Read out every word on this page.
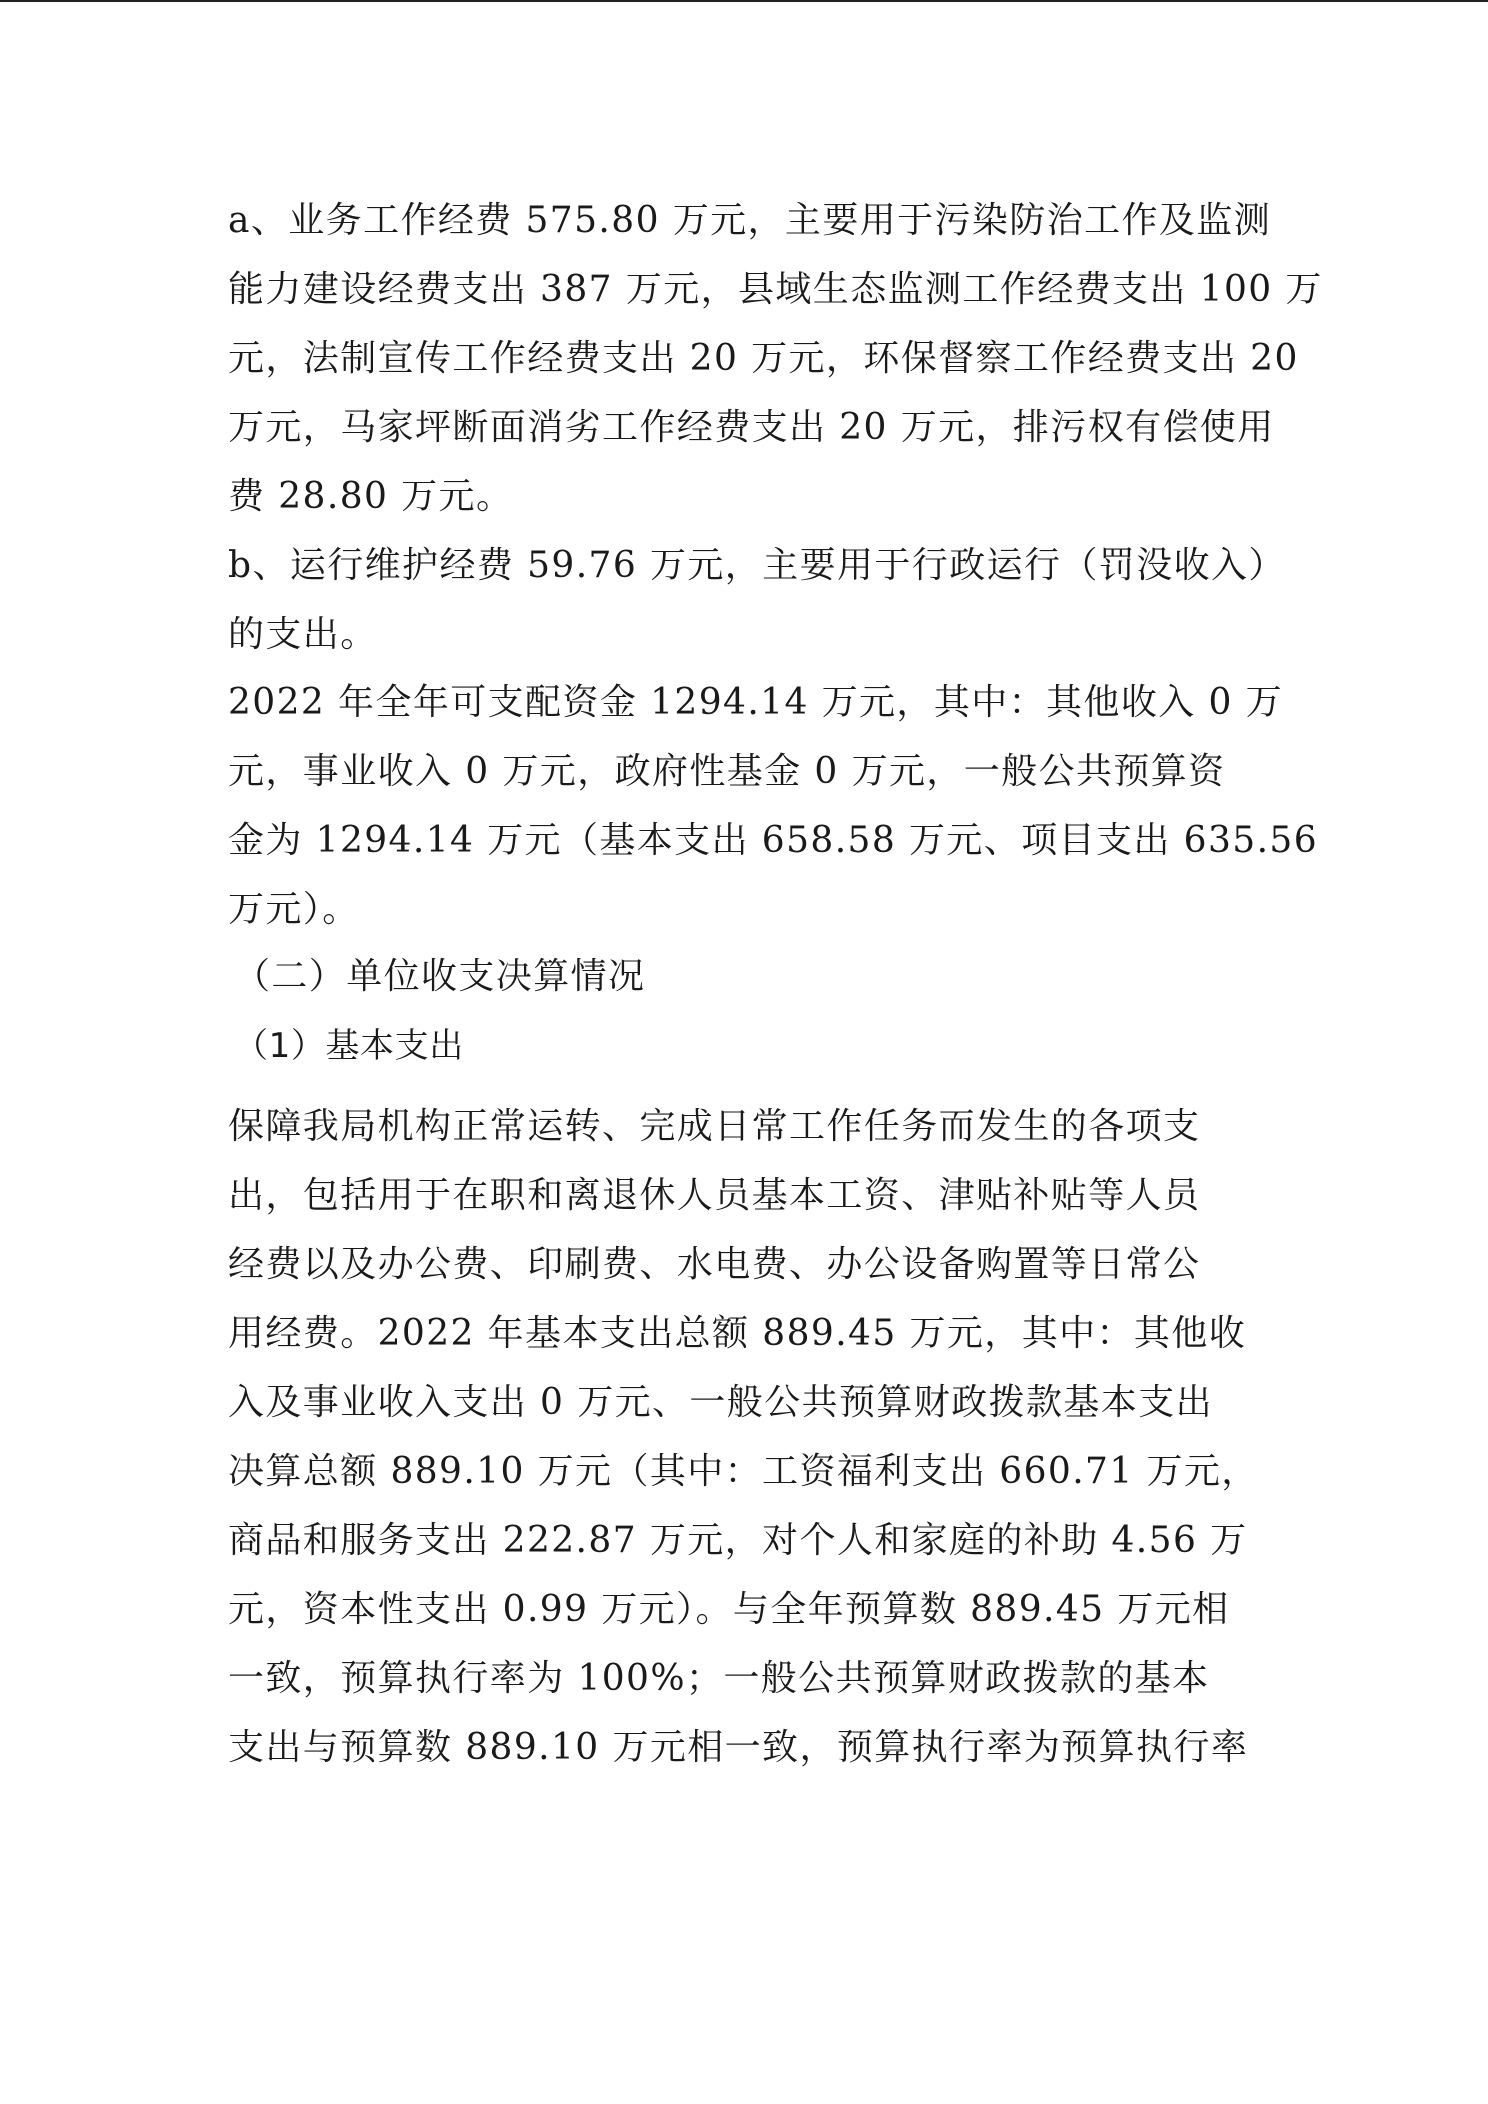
a、业务工作经费 575.80 万元，主要用于污染防治工作及监测
能力建设经费支出 387 万元，县域生态监测工作经费支出 100 万
元，法制宣传工作经费支出 20 万元，环保督察工作经费支出 20
万元，马家坪断面消劣工作经费支出 20 万元，排污权有偿使用
费 28.80 万元。
b、运行维护经费 59.76 万元，主要用于行政运行（罚没收入）
的支出。
2022 年全年可支配资金 1294.14 万元，其中：其他收入 0 万
元，事业收入 0 万元，政府性基金 0 万元，一般公共预算资
金为 1294.14 万元（基本支出 658.58 万元、项目支出 635.56
万元）。
（二）单位收支决算情况
（1）基本支出
保障我局机构正常运转、完成日常工作任务而发生的各项支
出，包括用于在职和离退休人员基本工资、津贴补贴等人员
经费以及办公费、印刷费、水电费、办公设备购置等日常公
用经费。2022 年基本支出总额 889.45 万元，其中：其他收
入及事业收入支出 0 万元、一般公共预算财政拨款基本支出
决算总额 889.10 万元（其中：工资福利支出 660.71 万元，
商品和服务支出 222.87 万元，对个人和家庭的补助 4.56 万
元，资本性支出 0.99 万元）。与全年预算数 889.45 万元相
一致，预算执行率为 100%；一般公共预算财政拨款的基本
支出与预算数 889.10 万元相一致，预算执行率为预算执行率
